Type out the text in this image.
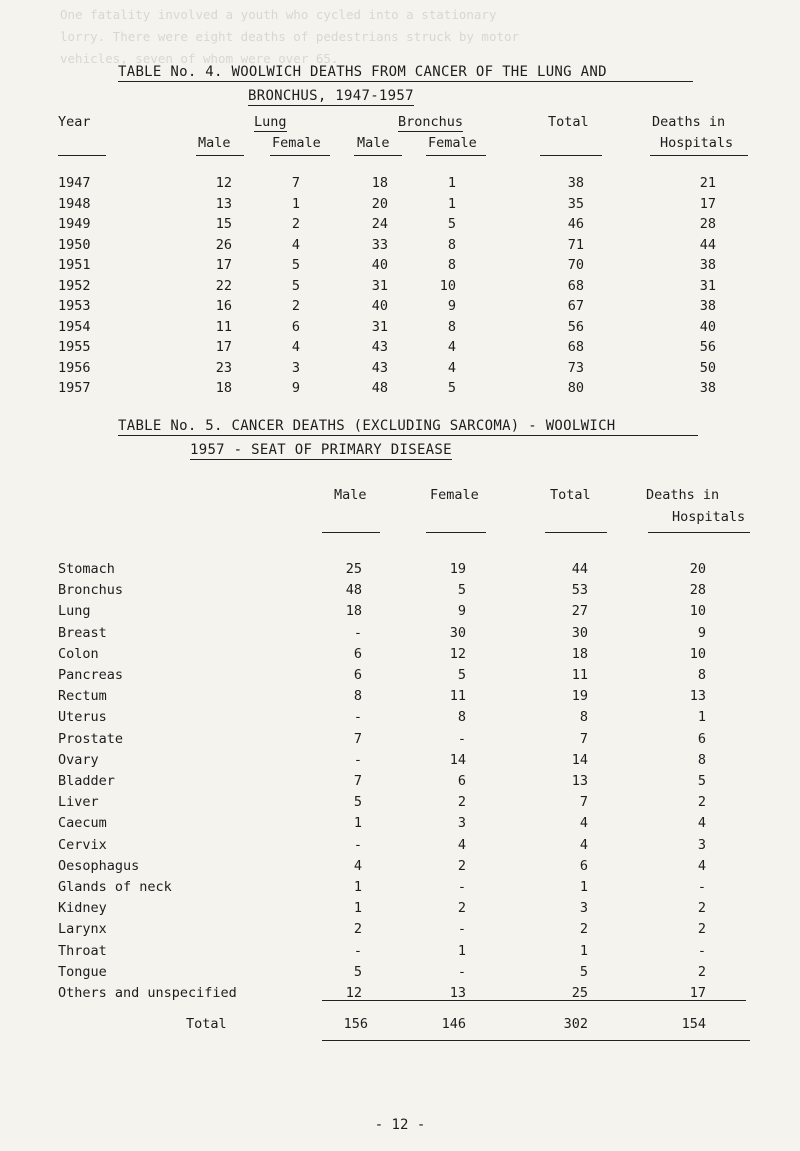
One fatality involved a youth who cycled into a stationary
lorry. There were eight deaths of pedestrians struck by motor
vehicles, seven of whom were over 65.
TABLE No. 4. WOOLWICH DEATHS FROM CANCER OF THE LUNG AND
BRONCHUS, 1947-1957
Year	Lung	Bronchus	Total	Deaths in
Male	Female	Male	Female	Hospitals
1947	12	7	18	1	38	21
1948	13	1	20	1	35	17
1949	15	2	24	5	46	28
1950	26	4	33	8	71	44
1951	17	5	40	8	70	38
1952	22	5	31	10	68	31
1953	16	2	40	9	67	38
1954	11	6	31	8	56	40
1955	17	4	43	4	68	56
1956	23	3	43	4	73	50
1957	18	9	48	5	80	38
TABLE No. 5. CANCER DEATHS (EXCLUDING SARCOMA) - WOOLWICH
1957 - SEAT OF PRIMARY DISEASE
Male	Female	Total	Deaths in
Hospitals
Stomach	25	19	44	20
Bronchus	48	5	53	28
Lung	18	9	27	10
Breast	-	30	30	9
Colon	6	12	18	10
Pancreas	6	5	11	8
Rectum	8	11	19	13
Uterus	-	8	8	1
Prostate	7	-	7	6
Ovary	-	14	14	8
Bladder	7	6	13	5
Liver	5	2	7	2
Caecum	1	3	4	4
Cervix	-	4	4	3
Oesophagus	4	2	6	4
Glands of neck	1	-	1	-
Kidney	1	2	3	2
Larynx	2	-	2	2
Throat	-	1	1	-
Tongue	5	-	5	2
Others and unspecified	12	13	25	17
Total	156	146	302	154
- 12 -
